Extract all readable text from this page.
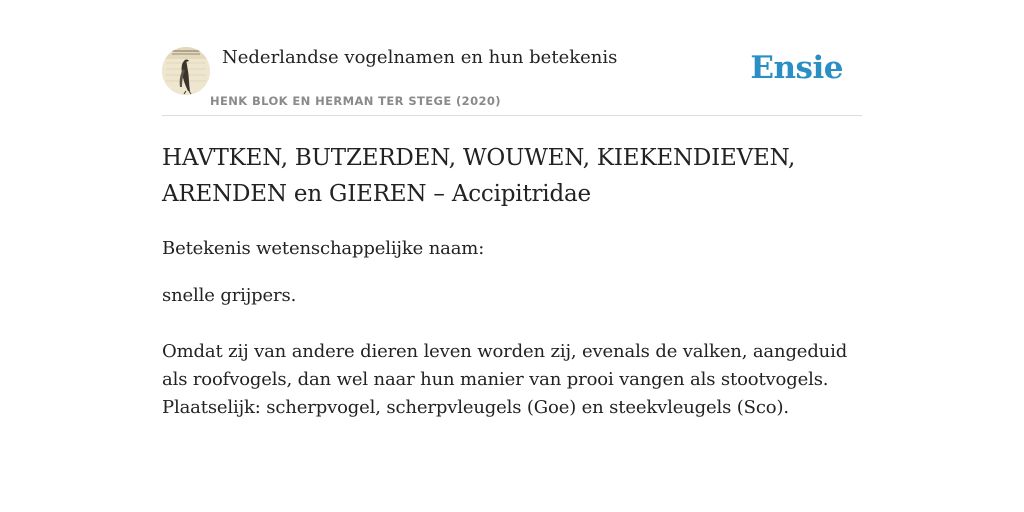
Nederlandse vogelnamen en hun betekenis
HENK BLOK EN HERMAN TER STEGE (2020)
Ensie
HAVTKEN, BUTZERDEN, WOUWEN, KIEKENDIEVEN, ARENDEN en GIEREN – Accipitridae

Betekenis wetenschappelijke naam:

snelle grijpers.

Omdat zij van andere dieren leven worden zij, evenals de valken, aangeduid als roofvogels, dan wel naar hun manier van prooi vangen als stootvogels. Plaatselijk: scherpvogel, scherpvleugels (Goe) en steekvleugels (Sco).
